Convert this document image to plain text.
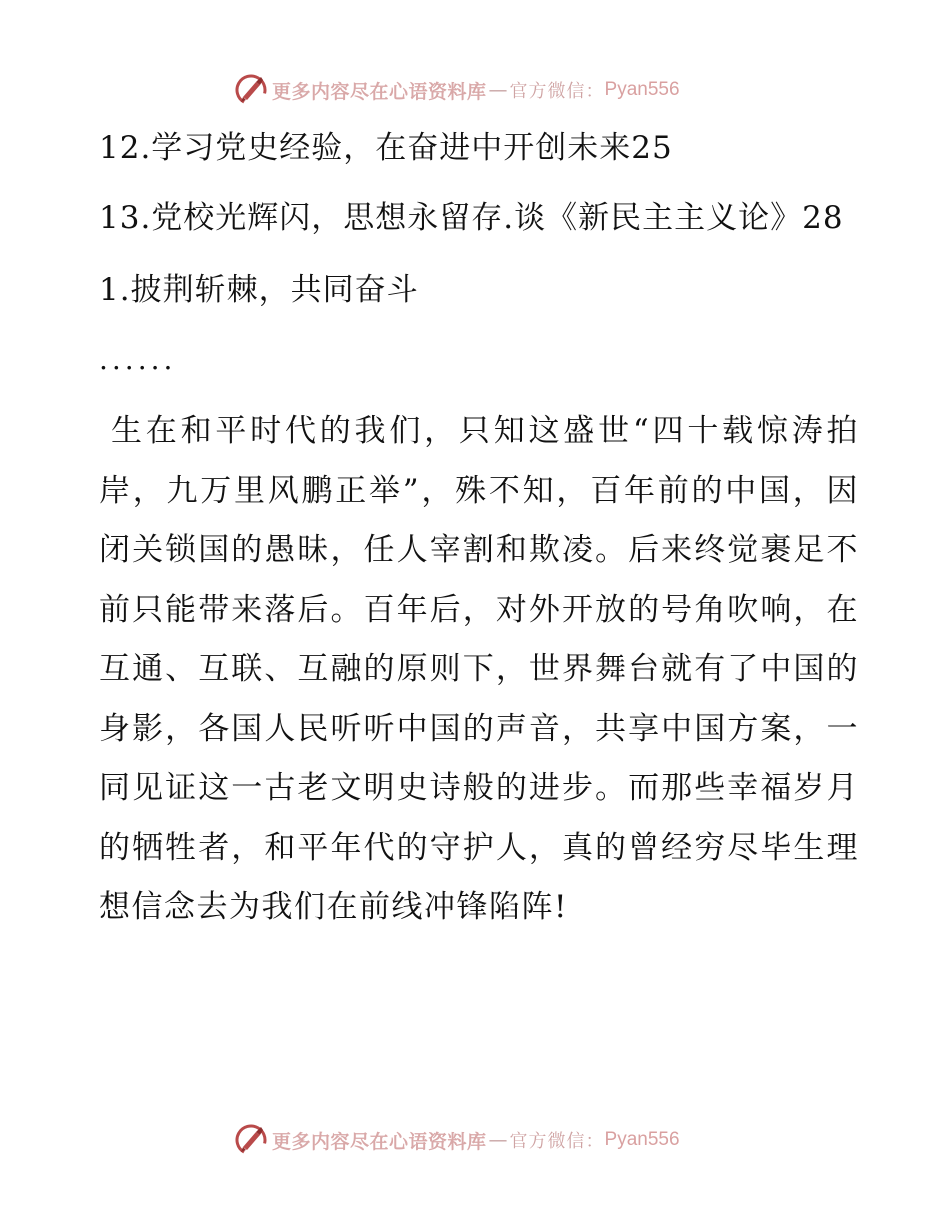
更多内容尽在心语资料库 — 官方微信： Pyan556

12.学习党史经验，在奋进中开创未来25

13.党校光辉闪，思想永留存.谈《新民主主义论》28

1.披荆斩棘，共同奋斗

......

生在和平时代的我们，只知这盛世“四十载惊涛拍岸，九万里风鹏正举”，殊不知，百年前的中国，因闭关锁国的愚昧，任人宰割和欺凌。后来终觉裹足不前只能带来落后。百年后，对外开放的号角吹响，在互通、互联、互融的原则下，世界舞台就有了中国的身影，各国人民听听中国的声音，共享中国方案，一同见证这一古老文明史诗般的进步。而那些幸福岁月的牺牲者，和平年代的守护人，真的曾经穷尽毕生理想信念去为我们在前线冲锋陷阵!

更多内容尽在心语资料库 — 官方微信： Pyan556
